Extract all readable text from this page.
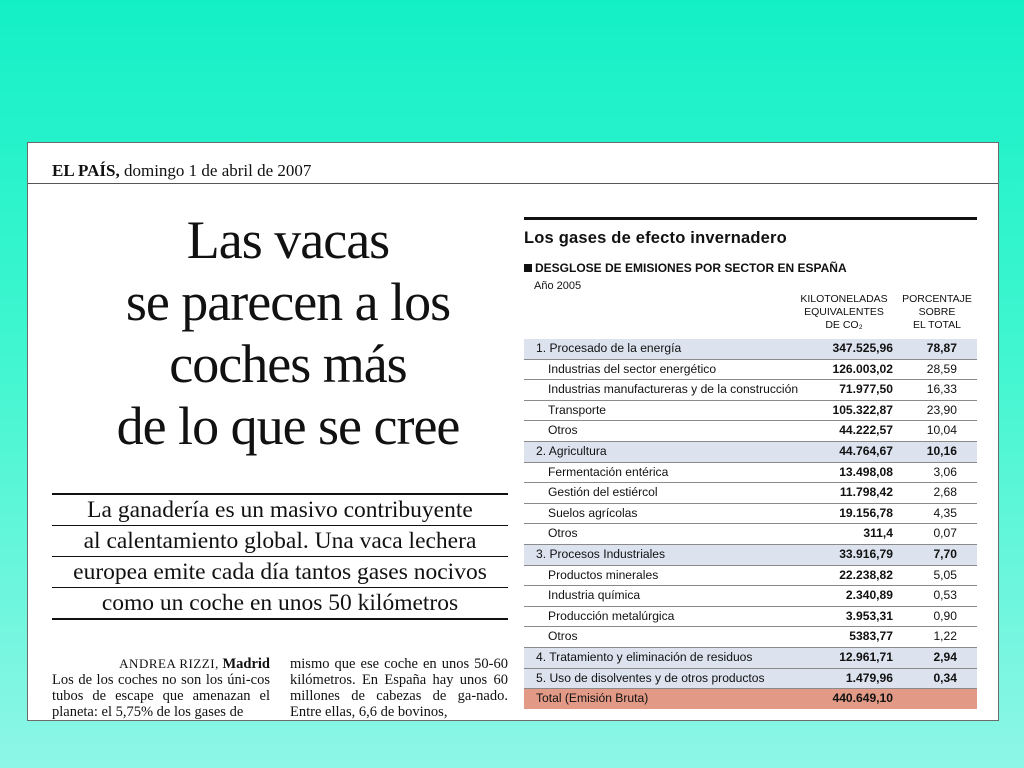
EL PAÍS, domingo 1 de abril de 2007
Las vacas
se parecen a los
coches más
de lo que se cree
La ganadería es un masivo contribuyente
al calentamiento global. Una vaca lechera
europea emite cada día tantos gases nocivos
como un coche en unos 50 kilómetros
ANDREA RIZZI, Madrid
Los de los coches no son los úni-cos tubos de escape que amenazan el planeta: el 5,75% de los gases de
mismo que ese coche en unos 50-60 kilómetros. En España hay unos 60 millones de cabezas de ga-nado. Entre ellas, 6,6 de bovinos,
Los gases de efecto invernadero
DESGLOSE DE EMISIONES POR SECTOR EN ESPAÑA
Año 2005
KILOTONELADAS
EQUIVALENTES
DE CO₂
PORCENTAJE
SOBRE
EL TOTAL
1. Procesado de la energía	347.525,96	78,87
Industrias del sector energético	126.003,02	28,59
Industrias manufactureras y de la construcción	71.977,50	16,33
Transporte	105.322,87	23,90
Otros	44.222,57	10,04
2. Agricultura	44.764,67	10,16
Fermentación entérica	13.498,08	3,06
Gestión del estiércol	11.798,42	2,68
Suelos agrícolas	19.156,78	4,35
Otros	311,4	0,07
3. Procesos Industriales	33.916,79	7,70
Productos minerales	22.238,82	5,05
Industria química	2.340,89	0,53
Producción metalúrgica	3.953,31	0,90
Otros	5383,77	1,22
4. Tratamiento y eliminación de residuos	12.961,71	2,94
5. Uso de disolventes y de otros productos	1.479,96	0,34
Total (Emisión Bruta)	440.649,10
